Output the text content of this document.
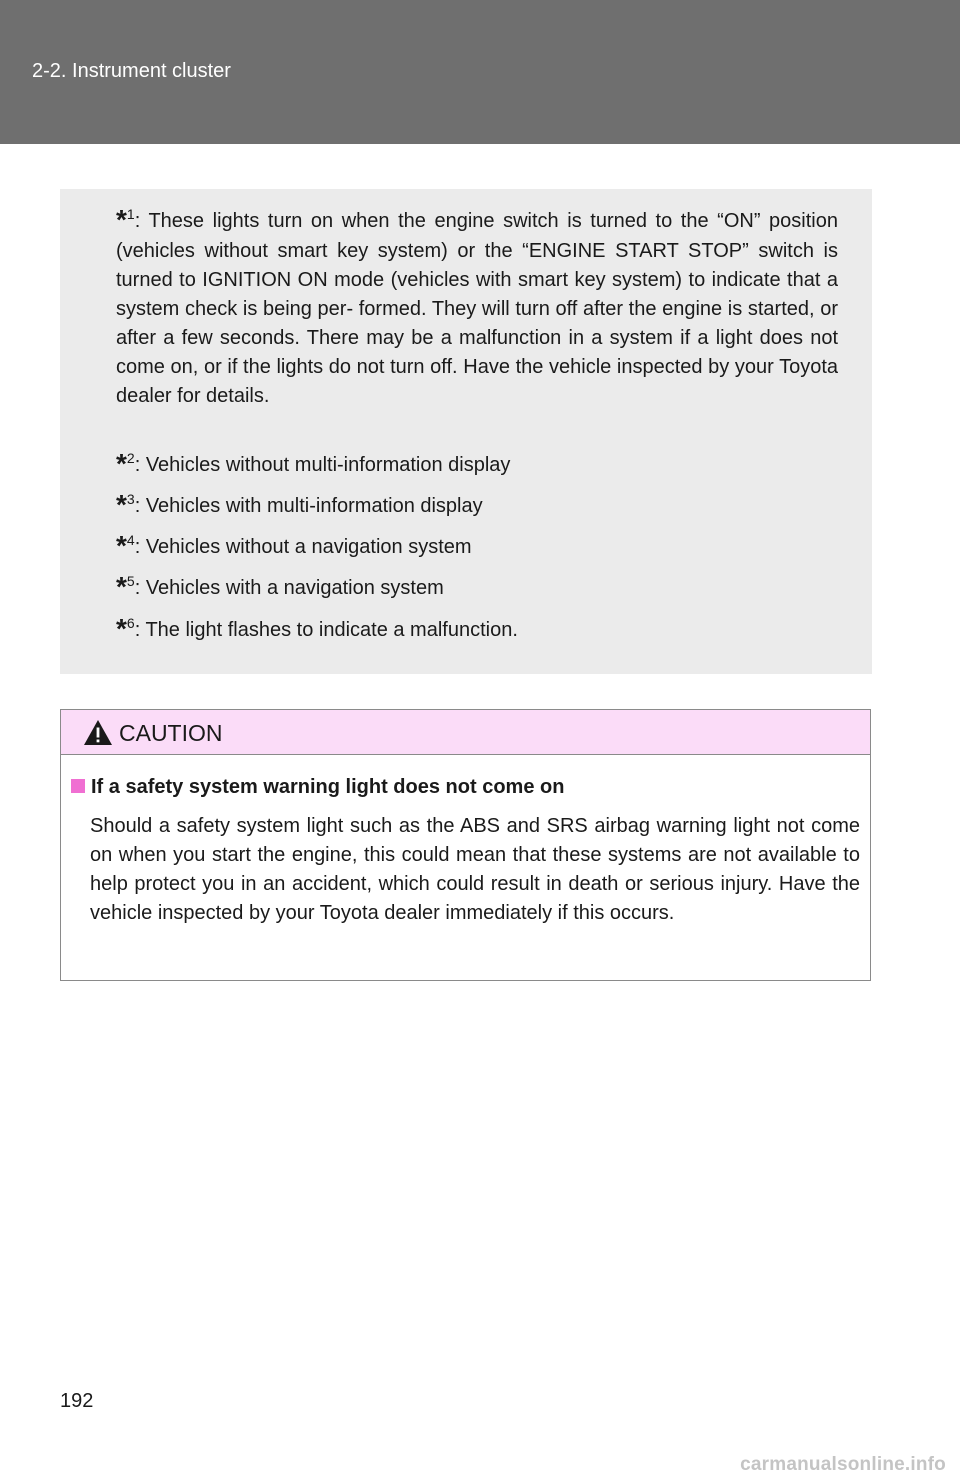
2-2. Instrument cluster
*$^1$: These lights turn on when the engine switch is turned to the “ON” position (vehicles without smart key system) or the “ENGINE START STOP” switch is turned to IGNITION ON mode (vehicles with smart key system) to indicate that a system check is being per- formed. They will turn off after the engine is started, or after a few seconds. There may be a malfunction in a system if a light does not come on, or if the lights do not turn off. Have the vehicle inspected by your Toyota dealer for details.
*$^2$: Vehicles without multi-information display
*$^3$: Vehicles with multi-information display
*$^4$: Vehicles without a navigation system
*$^5$: Vehicles with a navigation system
*$^6$: The light flashes to indicate a malfunction.
CAUTION
If a safety system warning light does not come on
Should a safety system light such as the ABS and SRS airbag warning light not come on when you start the engine, this could mean that these systems are not available to help protect you in an accident, which could result in death or serious injury. Have the vehicle inspected by your Toyota dealer immediately if this occurs.
192
carmanualsonline.info
